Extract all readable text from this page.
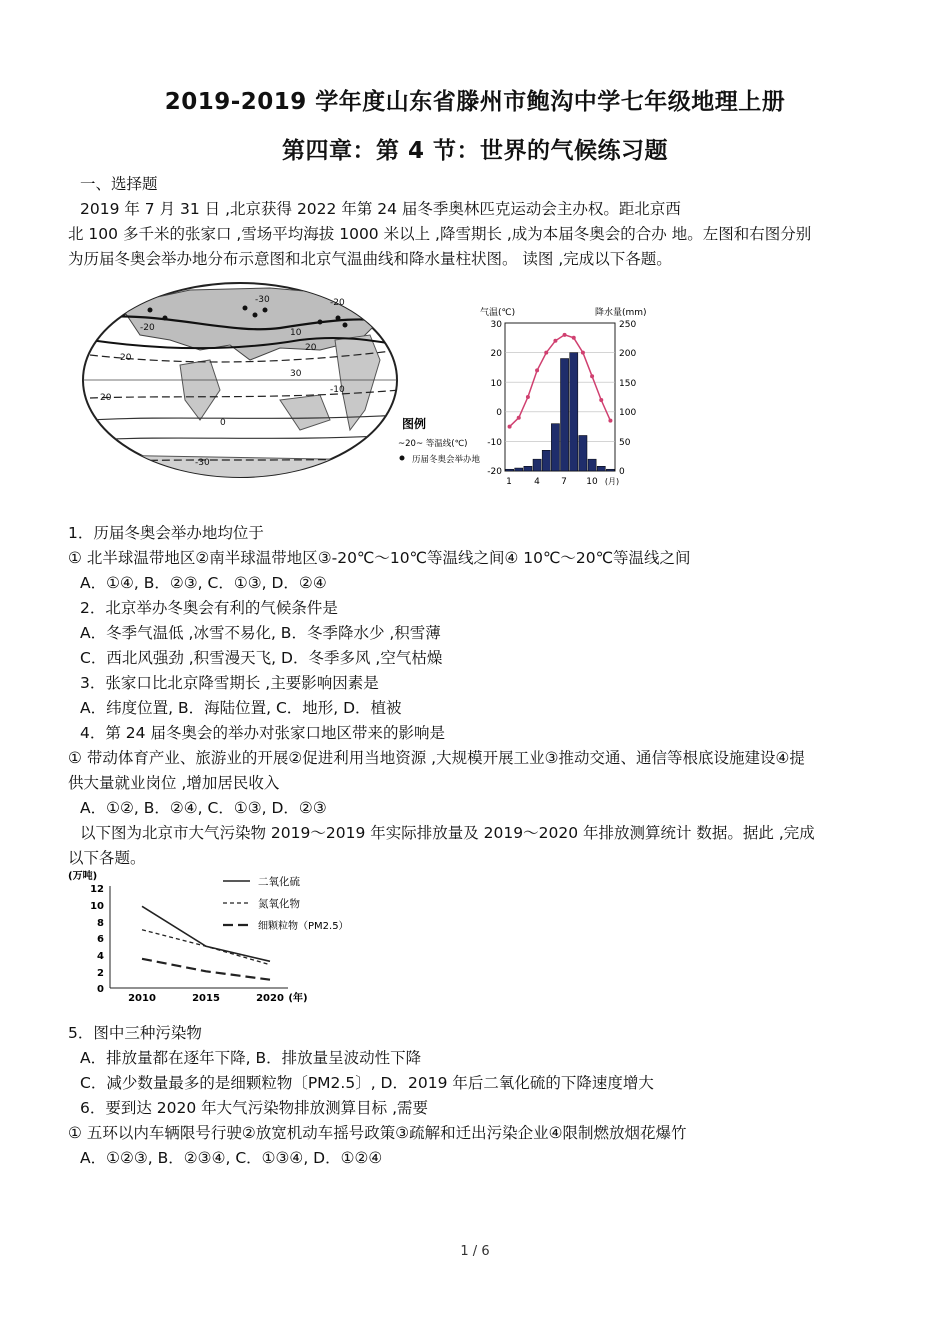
2019-2019 学年度山东省滕州市鲍沟中学七年级地理上册
第四章：第 4 节：世界的气候练习题
一、选择题
2019 年 7 月 31 日 ,北京获得 2022 年第 24 届冬季奥林匹克运动会主办权。距北京西
北 100 多千米的张家口 ,雪场平均海拔 1000 米以上 ,降雪期长 ,成为本届冬奥会的合办 地。左图和右图分别
为历届冬奥会举办地分布示意图和北京气温曲线和降水量柱状图。 读图 ,完成以下各题。
-30
-20	10
20
-20
20
-10
0
-30
20
30
图例
~20~ 等温线(℃)
历届冬奥会举办地
气温(℃)	降水量(mm)
30
20
10
0
-10
-20
250
200
150
100
50
0
1 4 7 10 (月)
1．历届冬奥会举办地均位于
① 北半球温带地区②南半球温带地区③-20℃～10℃等温线之间④ 10℃～20℃等温线之间
A．①④, B．②③, C．①③, D．②④
2．北京举办冬奥会有利的气候条件是
A．冬季气温低 ,冰雪不易化, B．冬季降水少 ,积雪薄
C．西北风强劲 ,积雪漫天飞, D．冬季多风 ,空气枯燥
3．张家口比北京降雪期长 ,主要影响因素是
A．纬度位置, B．海陆位置, C．地形, D．植被
4．第 24 届冬奥会的举办对张家口地区带来的影响是
① 带动体育产业、旅游业的开展②促进利用当地资源 ,大规模开展工业③推动交通、通信等根底设施建设④提
供大量就业岗位 ,增加居民收入
A．①②, B．②④, C．①③, D．②③
以下图为北京市大气污染物 2019～2019 年实际排放量及 2019～2020 年排放测算统计 数据。据此 ,完成
以下各题。
(万吨)
12
10
8
6
4
2
0
2010	2015	2020 (年)
二氧化硫
氮氧化物
细颗粒物（PM2.5）
5．图中三种污染物
A．排放量都在逐年下降, B．排放量呈波动性下降
C．减少数量最多的是细颗粒物〔PM2.5〕, D．2019 年后二氧化硫的下降速度增大
6．要到达 2020 年大气污染物排放测算目标 ,需要
① 五环以内车辆限号行驶②放宽机动车摇号政策③疏解和迁出污染企业④限制燃放烟花爆竹
A．①②③, B．②③④, C．①③④, D．①②④
1 / 6
